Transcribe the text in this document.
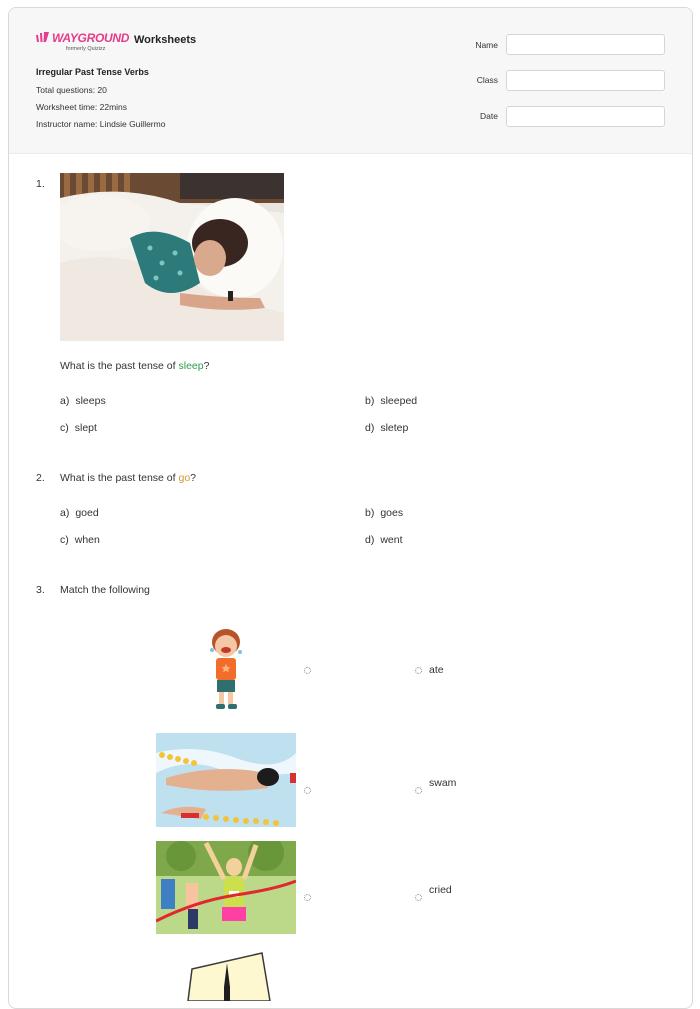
WAYGROUND
formerly Quizizz
Worksheets
Irregular Past Tense Verbs
Total questions: 20
Worksheet time: 22mins
Instructor name: Lindsie Guillermo
Name
Class
Date
1.
What is the past tense of sleep?
a) sleeps	b) sleeped
c) slept	d) sletep
2. What is the past tense of go?
a) goed	b) goes
c) when	d) went
3. Match the following
ate
swam
cried
